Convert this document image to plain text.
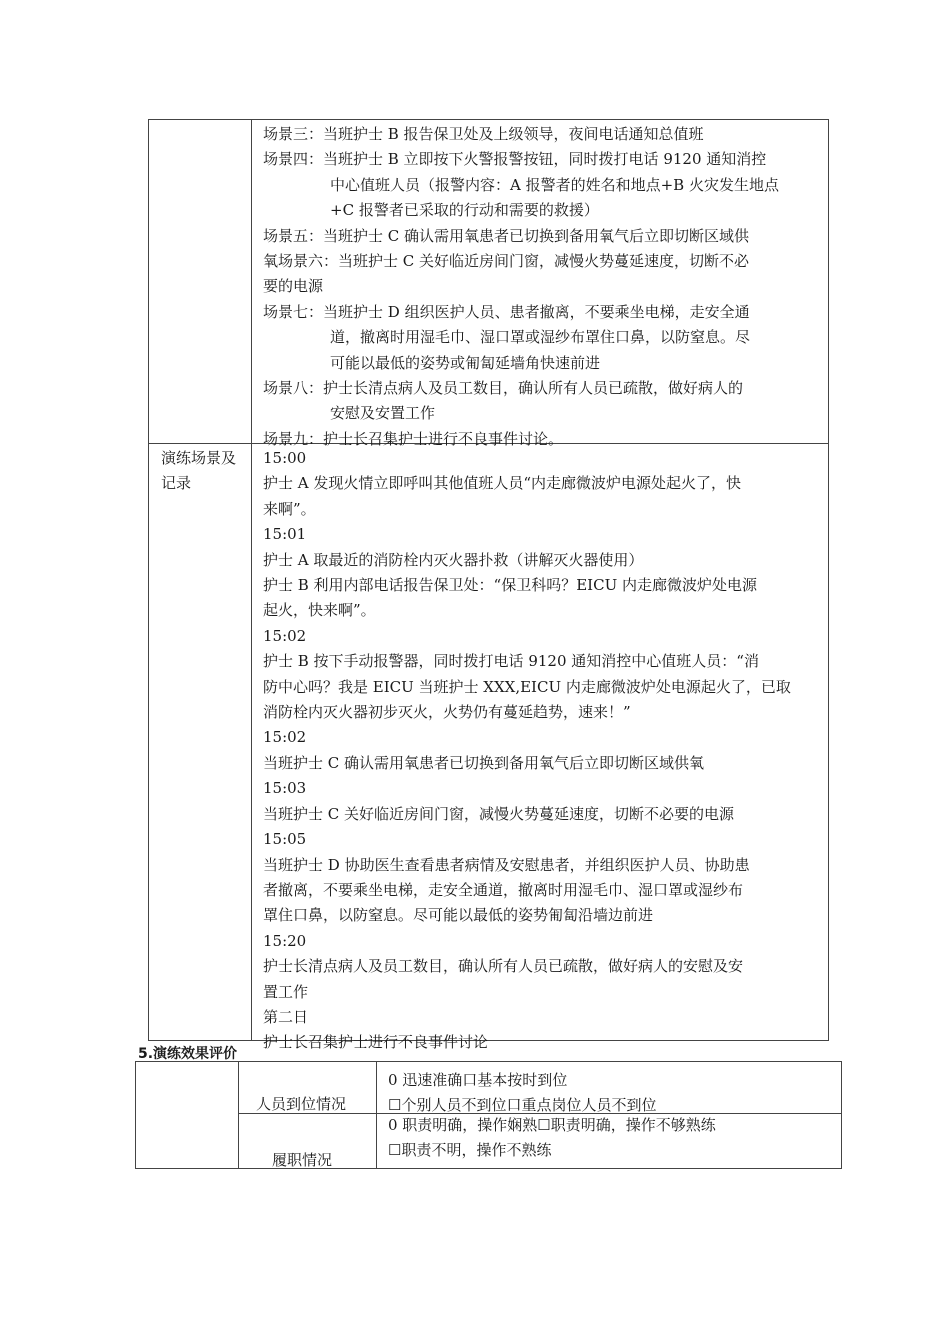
场景三：当班护士 B 报告保卫处及上级领导，夜间电话通知总值班
场景四：当班护士 B 立即按下火警报警按钮，同时拨打电话 9120 通知消控
中心值班人员（报警内容：A 报警者的姓名和地点+B 火灾发生地点
+C 报警者已采取的行动和需要的救援）
场景五：当班护士 C 确认需用氧患者已切换到备用氧气后立即切断区域供
氧场景六：当班护士 C 关好临近房间门窗，减慢火势蔓延速度，切断不必
要的电源
场景七：当班护士 D 组织医护人员、患者撤离，不要乘坐电梯，走安全通
道，撤离时用湿毛巾、湿口罩或湿纱布罩住口鼻，以防窒息。尽
可能以最低的姿势或匍匐延墙角快速前进
场景八：护士长清点病人及员工数目，确认所有人员已疏散，做好病人的
安慰及安置工作
场景九：护士长召集护士进行不良事件讨论。
演练场景及记录
15:00
护士 A 发现火情立即呼叫其他值班人员“内走廊微波炉电源处起火了，快
来啊”。
15:01
护士 A 取最近的消防栓内灭火器扑救（讲解灭火器使用）
护士 B 利用内部电话报告保卫处：“保卫科吗？EICU 内走廊微波炉处电源
起火，快来啊”。
15:02
护士 B 按下手动报警器，同时拨打电话 9120 通知消控中心值班人员：“消
防中心吗？我是 EICU 当班护士 XXX,EICU 内走廊微波炉处电源起火了，已取
消防栓内灭火器初步灭火，火势仍有蔓延趋势，速来！”
15:02
当班护士 C 确认需用氧患者已切换到备用氧气后立即切断区域供氧
15:03
当班护士 C 关好临近房间门窗，减慢火势蔓延速度，切断不必要的电源
15:05
当班护士 D 协助医生查看患者病情及安慰患者，并组织医护人员、协助患
者撤离，不要乘坐电梯，走安全通道，撤离时用湿毛巾、湿口罩或湿纱布
罩住口鼻，以防窒息。尽可能以最低的姿势匍匐沿墙边前进
15:20
护士长清点病人及员工数目，确认所有人员已疏散，做好病人的安慰及安
置工作
第二日
护士长召集护士进行不良事件讨论
5.演练效果评价
人员到位情况
0 迅速准确口基本按时到位
☐个别人员不到位口重点岗位人员不到位
履职情况
0 职责明确，操作娴熟☐职责明确，操作不够熟练
☐职责不明，操作不熟练
